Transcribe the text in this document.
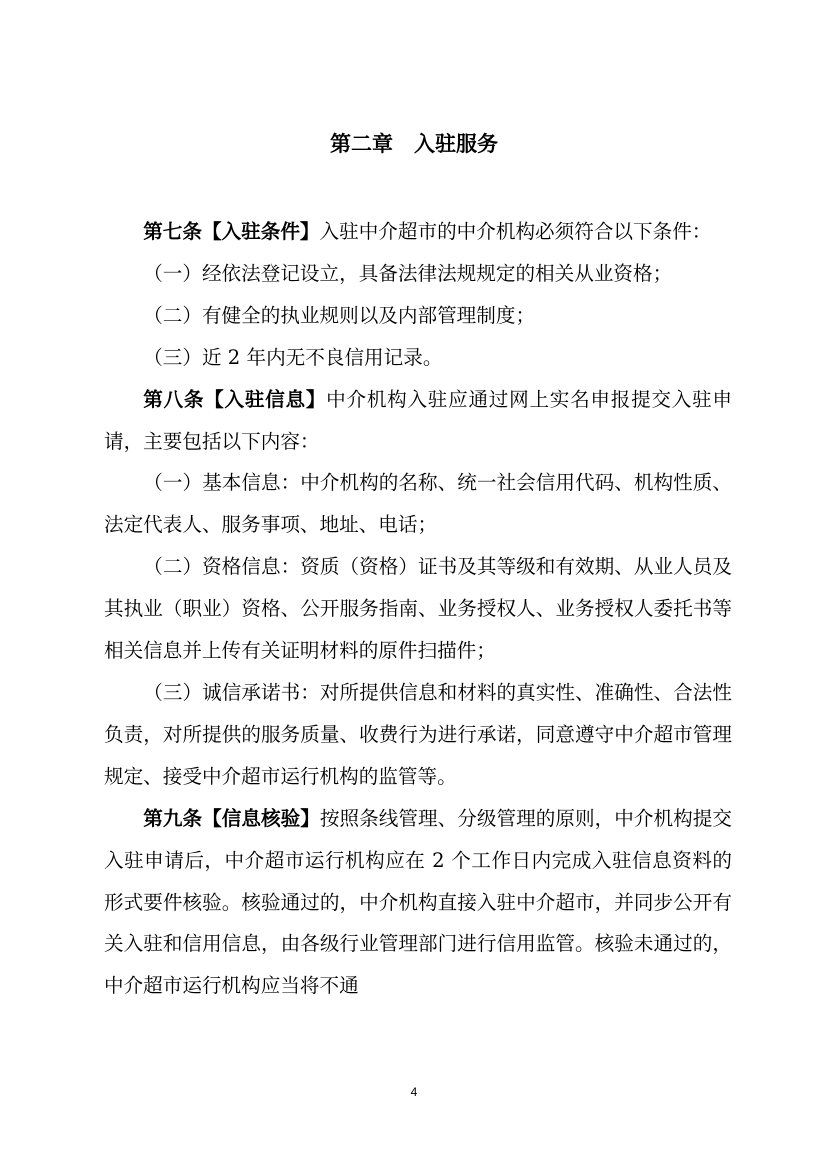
第二章　入驻服务

第七条【入驻条件】入驻中介超市的中介机构必须符合以下条件：

（一）经依法登记设立，具备法律法规规定的相关从业资格；

（二）有健全的执业规则以及内部管理制度；

（三）近 2 年内无不良信用记录。

第八条【入驻信息】中介机构入驻应通过网上实名申报提交入驻申请，主要包括以下内容：

（一）基本信息：中介机构的名称、统一社会信用代码、机构性质、法定代表人、服务事项、地址、电话；

（二）资格信息：资质（资格）证书及其等级和有效期、从业人员及其执业（职业）资格、公开服务指南、业务授权人、业务授权人委托书等相关信息并上传有关证明材料的原件扫描件；

（三）诚信承诺书：对所提供信息和材料的真实性、准确性、合法性负责，对所提供的服务质量、收费行为进行承诺，同意遵守中介超市管理规定、接受中介超市运行机构的监管等。

第九条【信息核验】按照条线管理、分级管理的原则，中介机构提交入驻申请后，中介超市运行机构应在 2 个工作日内完成入驻信息资料的形式要件核验。核验通过的，中介机构直接入驻中介超市，并同步公开有关入驻和信用信息，由各级行业管理部门进行信用监管。核验未通过的，中介超市运行机构应当将不通

4
